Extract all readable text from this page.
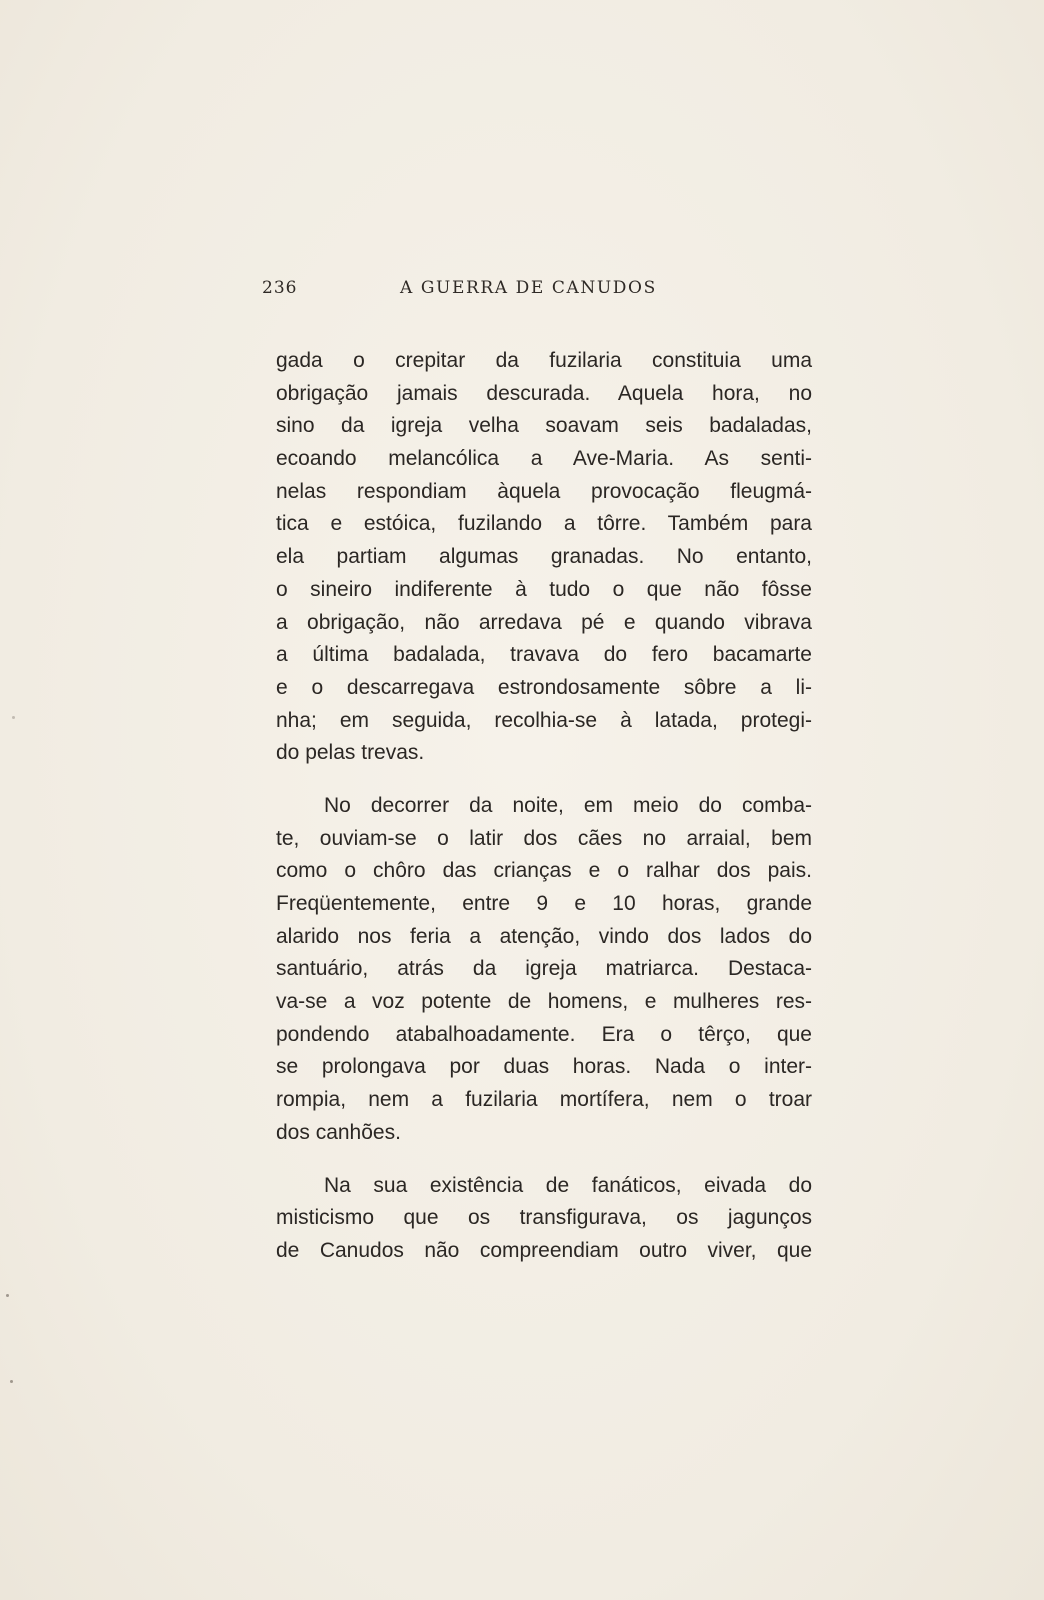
236	A GUERRA DE CANUDOS

gada o crepitar da fuzilaria constituia uma
obrigação jamais descurada. Aquela hora, no
sino da igreja velha soavam seis badaladas,
ecoando melancólica a Ave-Maria. As senti-
nelas respondiam àquela provocação fleugmá-
tica e estóica, fuzilando a tôrre. Também para
ela partiam algumas granadas. No entanto,
o sineiro indiferente à tudo o que não fôsse
a obrigação, não arredava pé e quando vibrava
a última badalada, travava do fero bacamarte
e o descarregava estrondosamente sôbre a li-
nha; em seguida, recolhia-se à latada, protegi-
do pelas trevas.

No decorrer da noite, em meio do comba-
te, ouviam-se o latir dos cães no arraial, bem
como o chôro das crianças e o ralhar dos pais.
Freqüentemente, entre 9 e 10 horas, grande
alarido nos feria a atenção, vindo dos lados do
santuário, atrás da igreja matriarca. Destaca-
va-se a voz potente de homens, e mulheres res-
pondendo atabalhoadamente. Era o têrço, que
se prolongava por duas horas. Nada o inter-
rompia, nem a fuzilaria mortífera, nem o troar
dos canhões.

Na sua existência de fanáticos, eivada do
misticismo que os transfigurava, os jagunços
de Canudos não compreendiam outro viver, que
